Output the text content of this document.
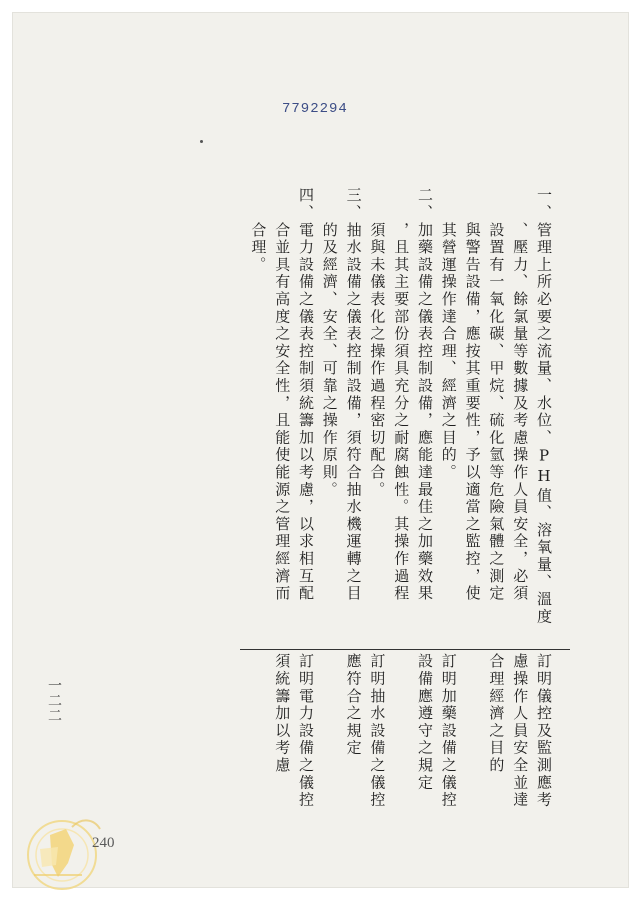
7792294
一、管理上所必要之流量、水位、PH值、溶氧量、溫度
　　、壓力、餘氯量等數據及考慮操作人員安全，必須
　　設置有一氧化碳、甲烷、硫化氫等危險氣體之測定
　　與警告設備，應按其重要性，予以適當之監控，使
　　其營運操作達合理、經濟之目的。
二、加藥設備之儀表控制設備，應能達最佳之加藥效果
　　，且其主要部份須具充分之耐腐蝕性。其操作過程
　　須與未儀表化之操作過程密切配合。
三、抽水設備之儀表控制設備，須符合抽水機運轉之目
　　的及經濟、安全、可靠之操作原則。
四、電力設備之儀表控制須統籌加以考慮，以求相互配
　　合並具有高度之安全性，且能使能源之管理經濟而
　　合理。
訂明儀控及監測應考
慮操作人員安全並達
合理經濟之目的
訂明加藥設備之儀控
設備應遵守之規定
訂明抽水設備之儀控
應符合之規定
訂明電力設備之儀控
須統籌加以考慮
一二二
240
